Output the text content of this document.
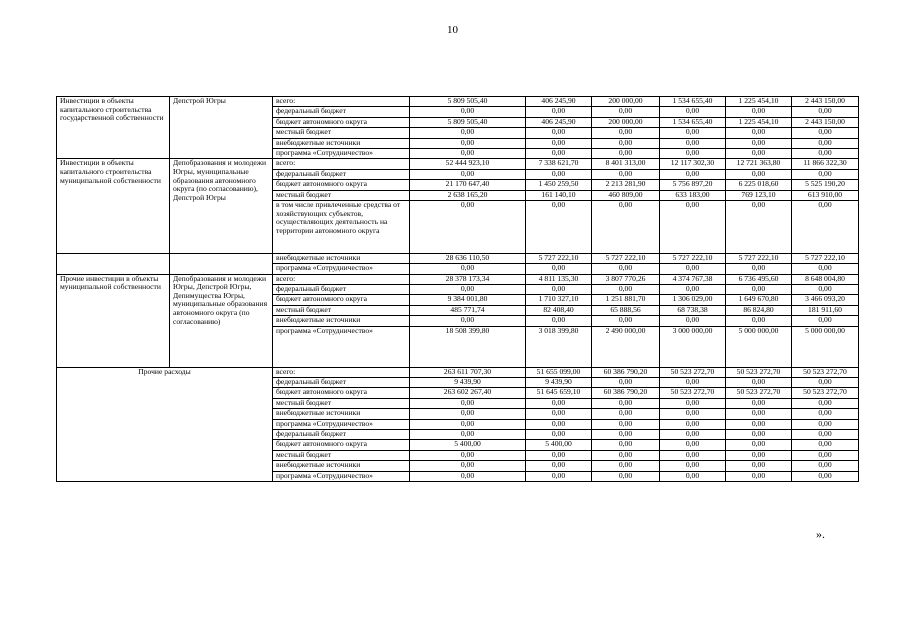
10
Инвестиции в объекты капитального строительства государственной собственности	Депстрой Югры	всего:	5 809 505,40	406 245,90	200 000,00	1 534 655,40	1 225 454,10	2 443 150,00
		федеральный бюджет	0,00	0,00	0,00	0,00	0,00	0,00
		бюджет автономного округа	5 809 505,40	406 245,90	200 000,00	1 534 655,40	1 225 454,10	2 443 150,00
		местный бюджет	0,00	0,00	0,00	0,00	0,00	0,00
		внебюджетные источники	0,00	0,00	0,00	0,00	0,00	0,00
		программа «Сотрудничество»	0,00	0,00	0,00	0,00	0,00	0,00
Инвестиции в объекты капитального строительства муниципальной собственности	Депобразования и молодежи Югры, муниципальные образования автономного округа (по согласованию), Депстрой Югры	всего:	52 444 923,10	7 338 621,70	8 401 313,00	12 117 302,30	12 721 363,80	11 866 322,30
		федеральный бюджет	0,00	0,00	0,00	0,00	0,00	0,00
		бюджет автономного округа	21 170 647,40	1 450 259,50	2 213 281,90	5 756 897,20	6 225 018,60	5 525 190,20
		местный бюджет	2 638 165,20	161 140,10	460 809,00	633 183,00	769 123,10	613 910,00
		в том числе привлеченные средства от хозяйствующих субъектов, осуществляющих деятельность на территории автономного округа	0,00	0,00	0,00	0,00	0,00	0,00
		внебюджетные источники	28 636 110,50	5 727 222,10	5 727 222,10	5 727 222,10	5 727 222,10	5 727 222,10
		программа «Сотрудничество»	0,00	0,00	0,00	0,00	0,00	0,00
Прочие инвестиции в объекты муниципальной собственности	Депобразования и молодежи Югры, Депстрой Югры, Депимущества Югры, муниципальные образования автономного округа (по согласованию)	всего:	28 378 173,34	4 811 135,30	3 807 770,26	4 374 767,38	6 736 495,60	8 648 004,80
		федеральный бюджет	0,00	0,00	0,00	0,00	0,00	0,00
		бюджет автономного округа	9 384 001,80	1 710 327,10	1 251 881,70	1 306 029,00	1 649 670,80	3 466 093,20
		местный бюджет	485 771,74	82 408,40	65 888,56	68 738,38	86 824,80	181 911,60
		внебюджетные источники	0,00	0,00	0,00	0,00	0,00	0,00
		программа «Сотрудничество»	18 508 399,80	3 018 399,80	2 490 000,00	3 000 000,00	5 000 000,00	5 000 000,00
Прочие расходы		всего:	263 611 707,30	51 655 099,00	60 386 790,20	50 523 272,70	50 523 272,70	50 523 272,70
		федеральный бюджет	9 439,90	9 439,90	0,00	0,00	0,00	0,00
		бюджет автономного округа	263 602 267,40	51 645 659,10	60 386 790,20	50 523 272,70	50 523 272,70	50 523 272,70
		местный бюджет	0,00	0,00	0,00	0,00	0,00	0,00
		внебюджетные источники	0,00	0,00	0,00	0,00	0,00	0,00
		программа «Сотрудничество»	0,00	0,00	0,00	0,00	0,00	0,00
		федеральный бюджет	0,00	0,00	0,00	0,00	0,00	0,00
		бюджет автономного округа	5 400,00	5 400,00	0,00	0,00	0,00	0,00
		местный бюджет	0,00	0,00	0,00	0,00	0,00	0,00
		внебюджетные источники	0,00	0,00	0,00	0,00	0,00	0,00
		программа «Сотрудничество»	0,00	0,00	0,00	0,00	0,00	0,00
».
